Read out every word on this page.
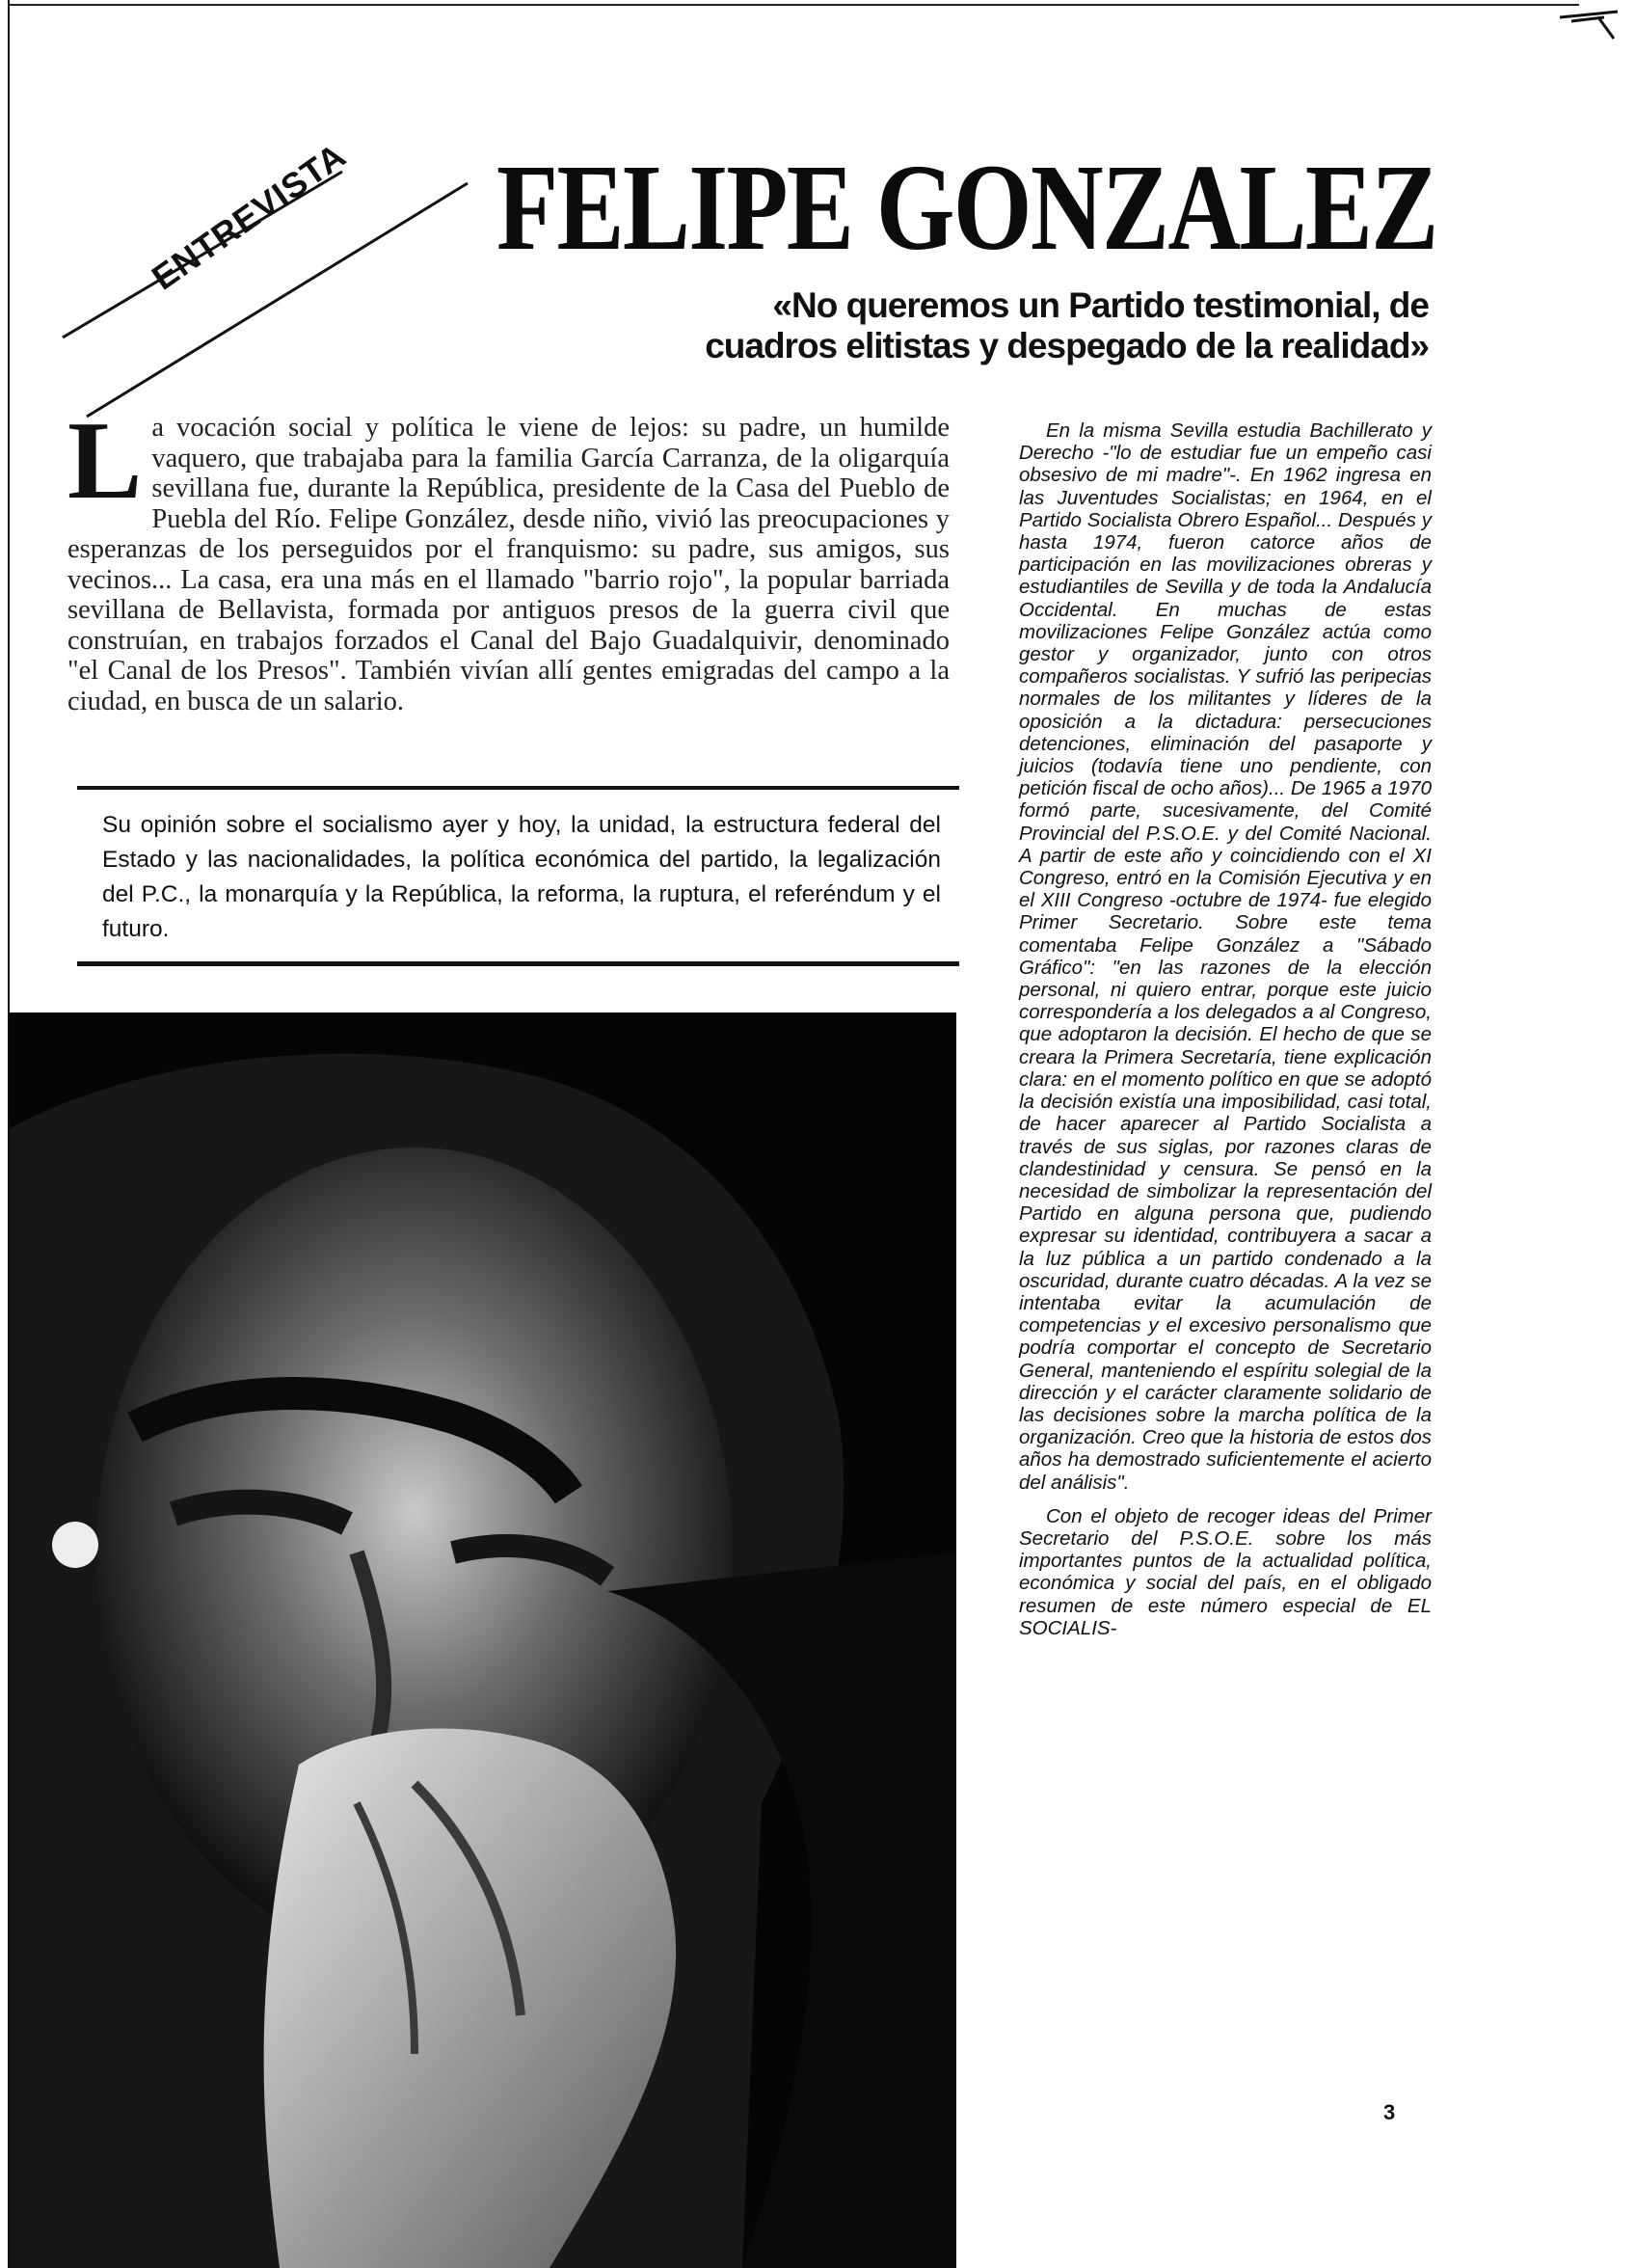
ENTREVISTA FELIPE GONZALEZ
«No queremos un Partido testimonial, de cuadros elitistas y despegado de la realidad»

La vocación social y política le viene de lejos: su padre, un humilde vaquero, que trabajaba para la familia García Carranza, de la oligarquía sevillana fue, durante la República, presidente de la Casa del Pueblo de Puebla del Río. Felipe González, desde niño, vivió las preocupaciones y esperanzas de los perseguidos por el franquismo: su padre, sus amigos, sus vecinos... La casa, era una más en el llamado "barrio rojo", la popular barriada sevillana de Bellavista, formada por antiguos presos de la guerra civil que construían, en trabajos forzados el Canal del Bajo Guadalquivir, denominado "el Canal de los Presos". También vivían allí gentes emigradas del campo a la ciudad, en busca de un salario.

Su opinión sobre el socialismo ayer y hoy, la unidad, la estructura federal del Estado y las nacionalidades, la política económica del partido, la legalización del P.C., la monarquía y la República, la reforma, la ruptura, el referéndum y el futuro.

En la misma Sevilla estudia Bachillerato y Derecho -"lo de estudiar fue un empeño casi obsesivo de mi madre"-. En 1962 ingresa en las Juventudes Socialistas; en 1964, en el Partido Socialista Obrero Español... Después y hasta 1974, fueron catorce años de participación en las movilizaciones obreras y estudiantiles de Sevilla y de toda la Andalucía Occidental. En muchas de estas movilizaciones Felipe González actúa como gestor y organizador, junto con otros compañeros socialistas. Y sufrió las peripecias normales de los militantes y líderes de la oposición a la dictadura: persecuciones detenciones, eliminación del pasaporte y juicios (todavía tiene uno pendiente, con petición fiscal de ocho años)... De 1965 a 1970 formó parte, sucesivamente, del Comité Provincial del P.S.O.E. y del Comité Nacional. A partir de este año y coincidiendo con el XI Congreso, entró en la Comisión Ejecutiva y en el XIII Congreso -octubre de 1974- fue elegido Primer Secretario. Sobre este tema comentaba Felipe González a "Sábado Gráfico": "en las razones de la elección personal, ni quiero entrar, porque este juicio correspondería a los delegados a al Congreso, que adoptaron la decisión. El hecho de que se creara la Primera Secretaría, tiene explicación clara: en el momento político en que se adoptó la decisión existía una imposibilidad, casi total, de hacer aparecer al Partido Socialista a través de sus siglas, por razones claras de clandestinidad y censura. Se pensó en la necesidad de simbolizar la representación del Partido en alguna persona que, pudiendo expresar su identidad, contribuyera a sacar a la luz pública a un partido condenado a la oscuridad, durante cuatro décadas. A la vez se intentaba evitar la acumulación de competencias y el excesivo personalismo que podría comportar el concepto de Secretario General, manteniendo el espíritu solegial de la dirección y el carácter claramente solidario de las decisiones sobre la marcha política de la organización. Creo que la historia de estos dos años ha demostrado suficientemente el acierto del análisis".

Con el objeto de recoger ideas del Primer Secretario del P.S.O.E. sobre los más importantes puntos de la actualidad política, económica y social del país, en el obligado resumen de este número especial de EL SOCIALIS-

3
